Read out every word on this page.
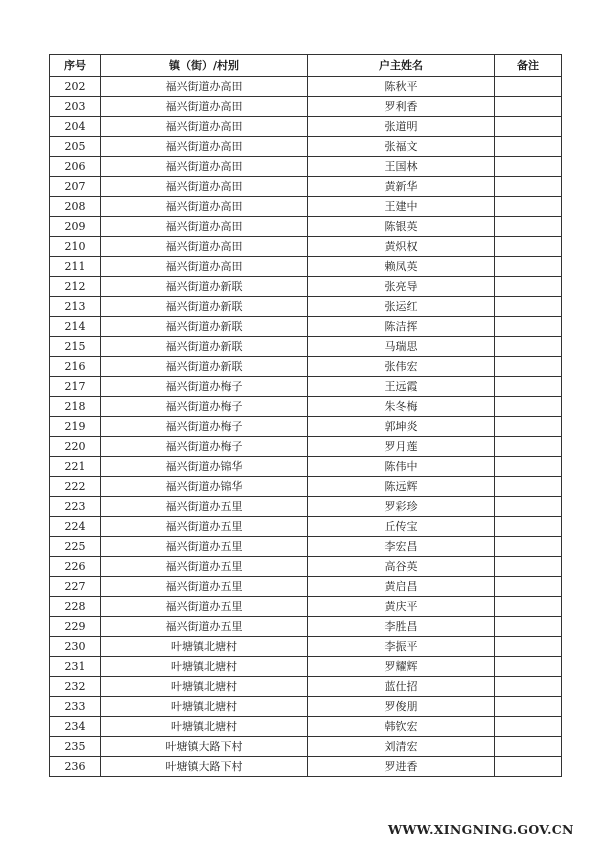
序号	镇（街）/村别	户主姓名	备注
202	福兴街道办高田	陈秋平	
203	福兴街道办高田	罗利香	
204	福兴街道办高田	张道明	
205	福兴街道办高田	张福文	
206	福兴街道办高田	王国林	
207	福兴街道办高田	黄新华	
208	福兴街道办高田	王建中	
209	福兴街道办高田	陈银英	
210	福兴街道办高田	黄炽权	
211	福兴街道办高田	赖凤英	
212	福兴街道办新联	张亮导	
213	福兴街道办新联	张运红	
214	福兴街道办新联	陈洁挥	
215	福兴街道办新联	马瑞思	
216	福兴街道办新联	张伟宏	
217	福兴街道办梅子	王远霞	
218	福兴街道办梅子	朱冬梅	
219	福兴街道办梅子	郭坤炎	
220	福兴街道办梅子	罗月莲	
221	福兴街道办锦华	陈伟中	
222	福兴街道办锦华	陈远辉	
223	福兴街道办五里	罗彩珍	
224	福兴街道办五里	丘传宝	
225	福兴街道办五里	李宏昌	
226	福兴街道办五里	高谷英	
227	福兴街道办五里	黄启昌	
228	福兴街道办五里	黄庆平	
229	福兴街道办五里	李胜昌	
230	叶塘镇北塘村	李振平	
231	叶塘镇北塘村	罗耀辉	
232	叶塘镇北塘村	蓝仕招	
233	叶塘镇北塘村	罗俊朋	
234	叶塘镇北塘村	韩钦宏	
235	叶塘镇大路下村	刘清宏	
236	叶塘镇大路下村	罗进香	
WWW.XINGNING.GOV.CN
